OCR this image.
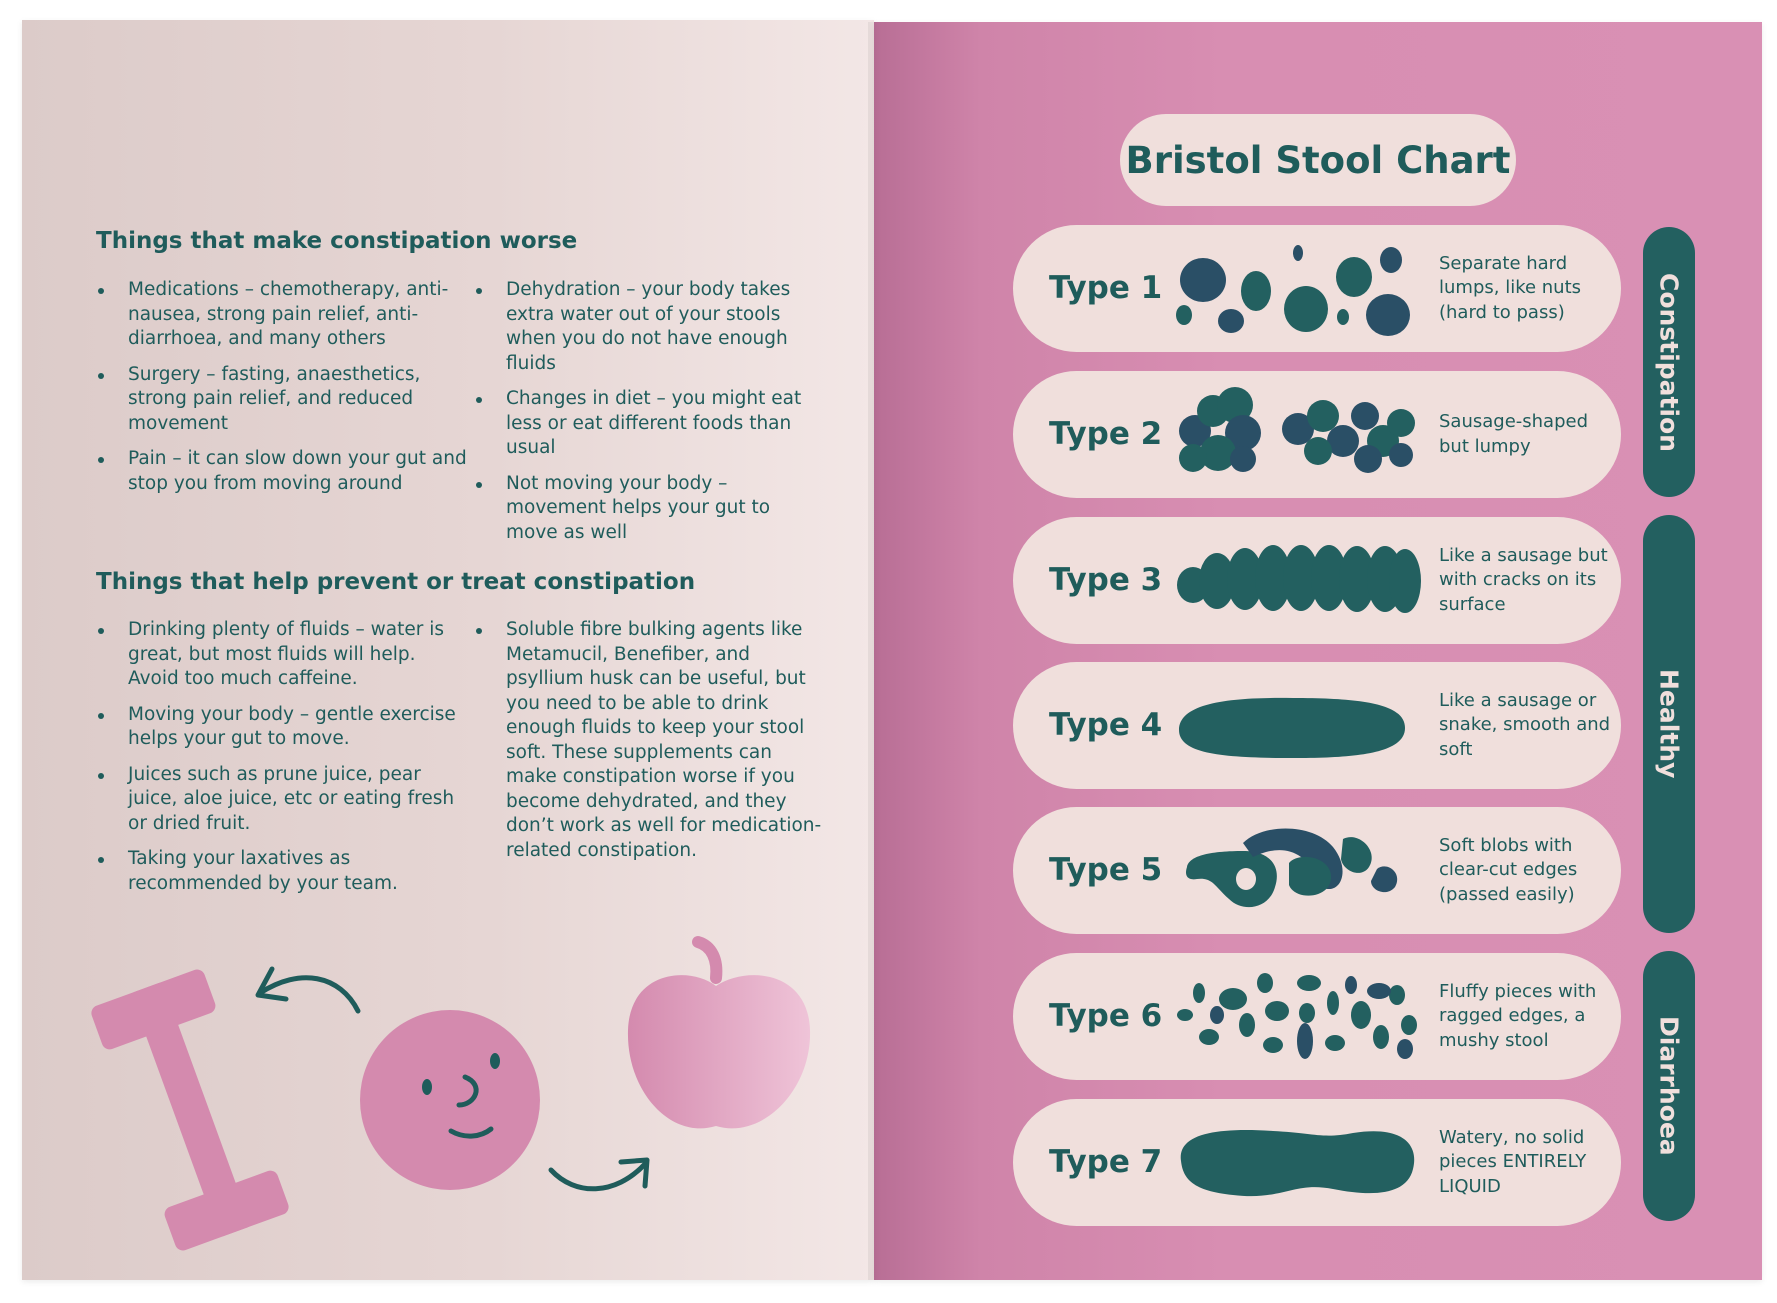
Things that make constipation worse
Medications – chemotherapy, anti-nausea, strong pain relief, anti-diarrhoea, and many others
Surgery – fasting, anaesthetics, strong pain relief, and reduced movement
Pain – it can slow down your gut and stop you from moving around
Dehydration – your body takes extra water out of your stools when you do not have enough fluids
Changes in diet – you might eat less or eat different foods than usual
Not moving your body – movement helps your gut to move as well
Things that help prevent or treat constipation
Drinking plenty of fluids – water is great, but most fluids will help. Avoid too much caffeine.
Moving your body – gentle exercise helps your gut to move.
Juices such as prune juice, pear juice, aloe juice, etc or eating fresh or dried fruit.
Taking your laxatives as recommended by your team.
Soluble fibre bulking agents like Metamucil, Benefiber, and psyllium husk can be useful, but you need to be able to drink enough fluids to keep your stool soft. These supplements can make constipation worse if you become dehydrated, and they don’t work as well for medication-related constipation.
Bristol Stool Chart
Type 1
Separate hard lumps, like nuts (hard to pass)
Type 2	Sausage-shaped but lumpy
Type 3
Like a sausage but with cracks on its surface
Type 4
Like a sausage or snake, smooth and soft
Type 5
Soft blobs with clear-cut edges (passed easily)
Type 6
Fluffy pieces with ragged edges, a mushy stool
Type 7
Watery, no solid pieces ENTIRELY LIQUID
Constipation
Healthy
Diarrhoea
